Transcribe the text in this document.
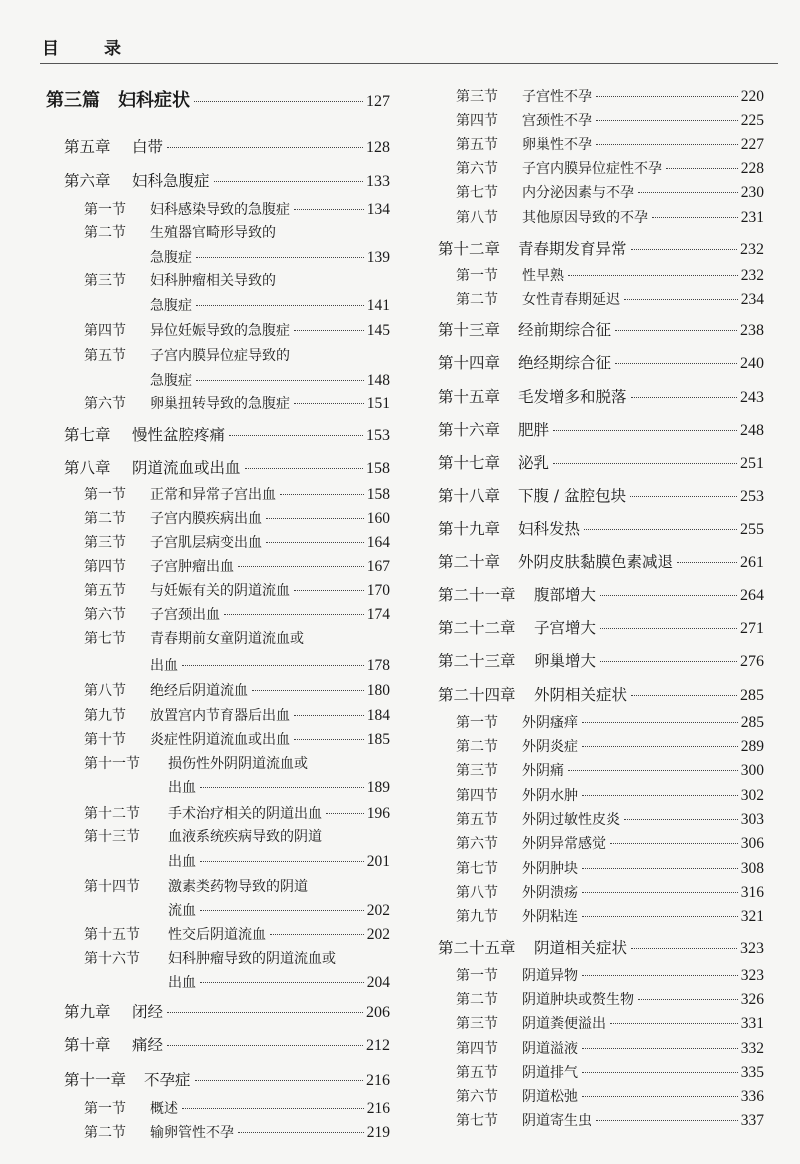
目　录
第三篇	妇科症状	127
第五章	白带	128
第六章	妇科急腹症	133
第一节	妇科感染导致的急腹症	134
第二节	生殖器官畸形导致的
急腹症	139
第三节	妇科肿瘤相关导致的
急腹症	141
第四节	异位妊娠导致的急腹症	145
第五节	子宫内膜异位症导致的
急腹症	148
第六节	卵巢扭转导致的急腹症	151
第七章	慢性盆腔疼痛	153
第八章	阴道流血或出血	158
第一节	正常和异常子宫出血	158
第二节	子宫内膜疾病出血	160
第三节	子宫肌层病变出血	164
第四节	子宫肿瘤出血	167
第五节	与妊娠有关的阴道流血	170
第六节	子宫颈出血	174
第七节	青春期前女童阴道流血或
出血	178
第八节	绝经后阴道流血	180
第九节	放置宫内节育器后出血	184
第十节	炎症性阴道流血或出血	185
第十一节	损伤性外阴阴道流血或
出血	189
第十二节	手术治疗相关的阴道出血	196
第十三节	血液系统疾病导致的阴道
出血	201
第十四节	激素类药物导致的阴道
流血	202
第十五节	性交后阴道流血	202
第十六节	妇科肿瘤导致的阴道流血或
出血	204
第九章	闭经	206
第十章	痛经	212
第十一章	不孕症	216
第一节	概述	216
第二节	输卵管性不孕	219
第三节	子宫性不孕	220
第四节	宫颈性不孕	225
第五节	卵巢性不孕	227
第六节	子宫内膜异位症性不孕	228
第七节	内分泌因素与不孕	230
第八节	其他原因导致的不孕	231
第十二章	青春期发育异常	232
第一节	性早熟	232
第二节	女性青春期延迟	234
第十三章	经前期综合征	238
第十四章	绝经期综合征	240
第十五章	毛发增多和脱落	243
第十六章	肥胖	248
第十七章	泌乳	251
第十八章	下腹 / 盆腔包块	253
第十九章	妇科发热	255
第二十章	外阴皮肤黏膜色素减退	261
第二十一章	腹部增大	264
第二十二章	子宫增大	271
第二十三章	卵巢增大	276
第二十四章	外阴相关症状	285
第一节	外阴瘙痒	285
第二节	外阴炎症	289
第三节	外阴痛	300
第四节	外阴水肿	302
第五节	外阴过敏性皮炎	303
第六节	外阴异常感觉	306
第七节	外阴肿块	308
第八节	外阴溃疡	316
第九节	外阴粘连	321
第二十五章	阴道相关症状	323
第一节	阴道异物	323
第二节	阴道肿块或赘生物	326
第三节	阴道粪便溢出	331
第四节	阴道溢液	332
第五节	阴道排气	335
第六节	阴道松弛	336
第七节	阴道寄生虫	337
